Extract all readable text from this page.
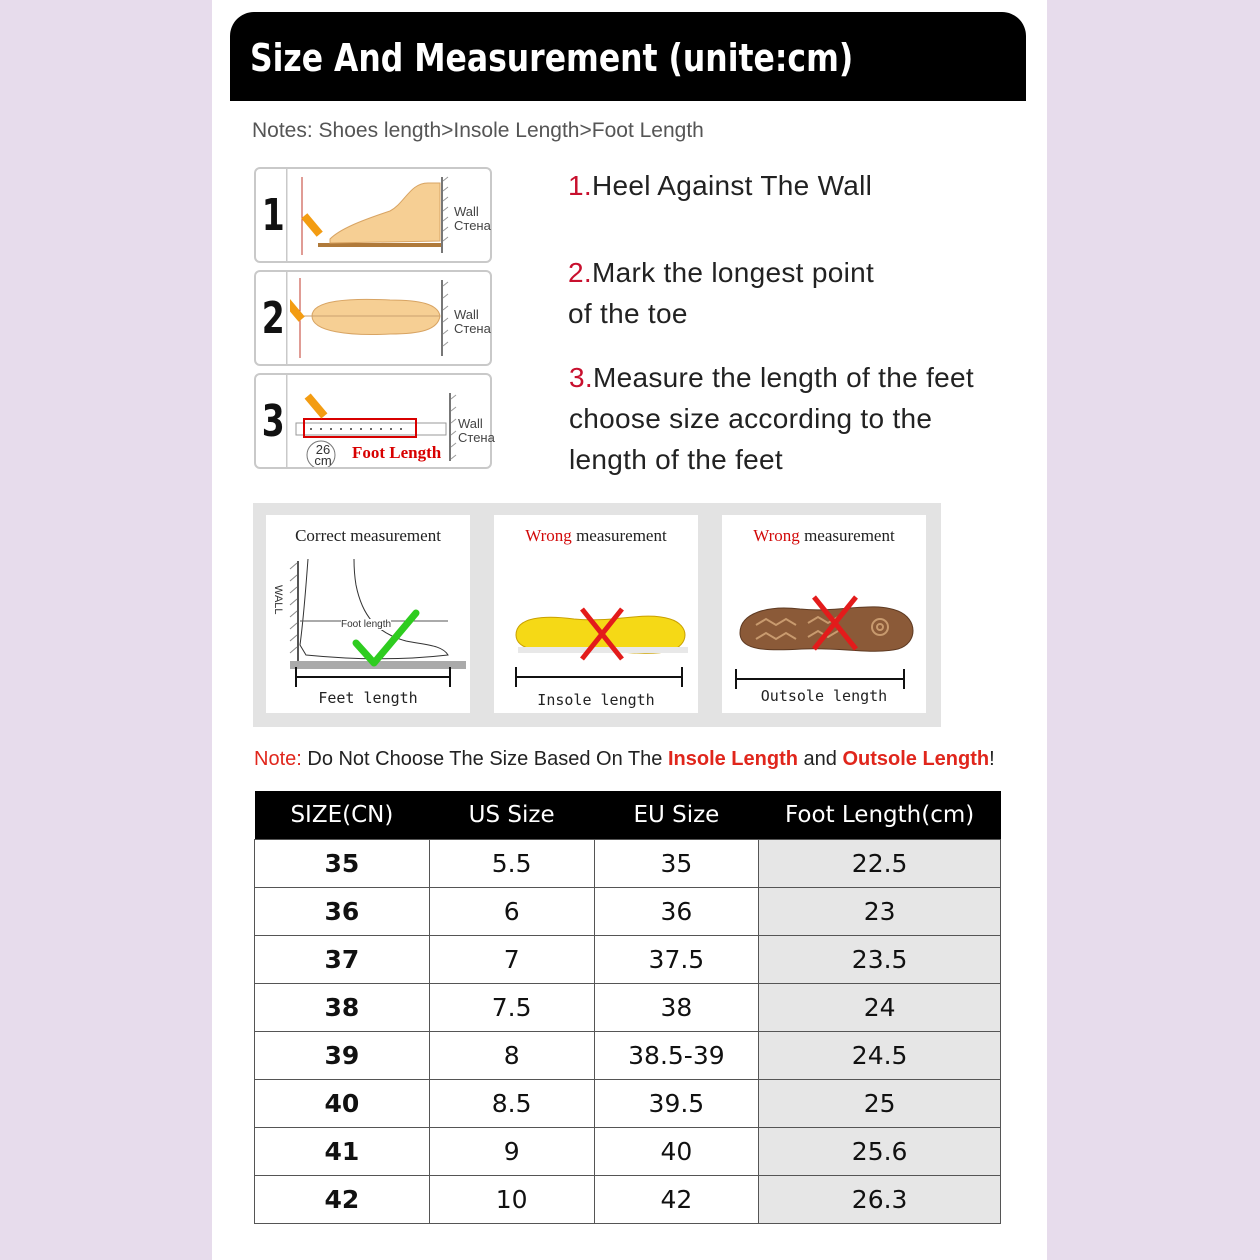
Size And Measurement (unite:cm)
Notes: Shoes length>Insole Length>Foot Length
1	Wall
Стена
2	Wall
Стена
3
26
cm Foot Length
Wall
Стена
1.Heel Against The Wall
2.Mark the longest point
of the toe
3.Measure the length of the feet
choose size according to the
length of the feet
Correct measurement
Foot length
WALL
Feet length
Wrong measurement
Insole length
Wrong measurement
Outsole length
Note: Do Not Choose The Size Based On The Insole Length and Outsole Length!
SIZE(CN)	US Size	EU Size	Foot Length(cm)
35	5.5	35	22.5
36	6	36	23
37	7	37.5	23.5
38	7.5	38	24
39	8	38.5-39	24.5
40	8.5	39.5	25
41	9	40	25.6
42	10	42	26.3
